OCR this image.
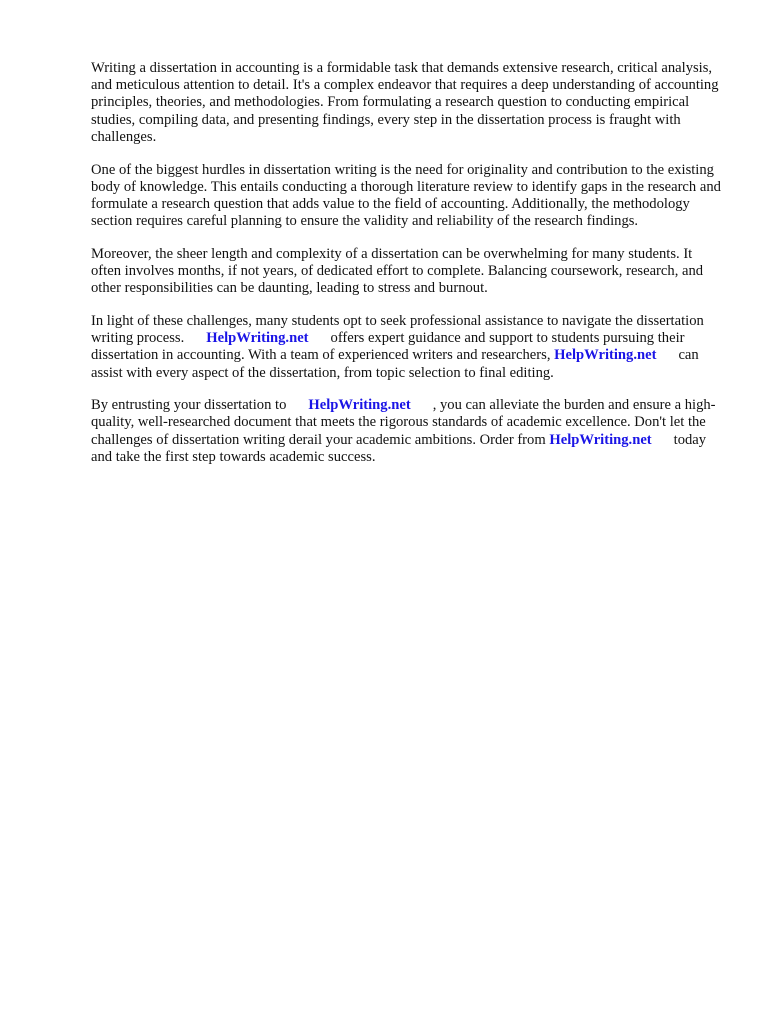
Writing a dissertation in accounting is a formidable task that demands extensive research, critical analysis, and meticulous attention to detail. It's a complex endeavor that requires a deep understanding of accounting principles, theories, and methodologies. From formulating a research question to conducting empirical studies, compiling data, and presenting findings, every step in the dissertation process is fraught with challenges.

One of the biggest hurdles in dissertation writing is the need for originality and contribution to the existing body of knowledge. This entails conducting a thorough literature review to identify gaps in the research and formulate a research question that adds value to the field of accounting. Additionally, the methodology section requires careful planning to ensure the validity and reliability of the research findings.

Moreover, the sheer length and complexity of a dissertation can be overwhelming for many students. It often involves months, if not years, of dedicated effort to complete. Balancing coursework, research, and other responsibilities can be daunting, leading to stress and burnout.

In light of these challenges, many students opt to seek professional assistance to navigate the dissertation writing process. HelpWriting.net offers expert guidance and support to students pursuing their dissertation in accounting. With a team of experienced writers and researchers, HelpWriting.net can assist with every aspect of the dissertation, from topic selection to final editing.

By entrusting your dissertation to HelpWriting.net , you can alleviate the burden and ensure a high-quality, well-researched document that meets the rigorous standards of academic excellence. Don't let the challenges of dissertation writing derail your academic ambitions. Order from HelpWriting.net today and take the first step towards academic success.
